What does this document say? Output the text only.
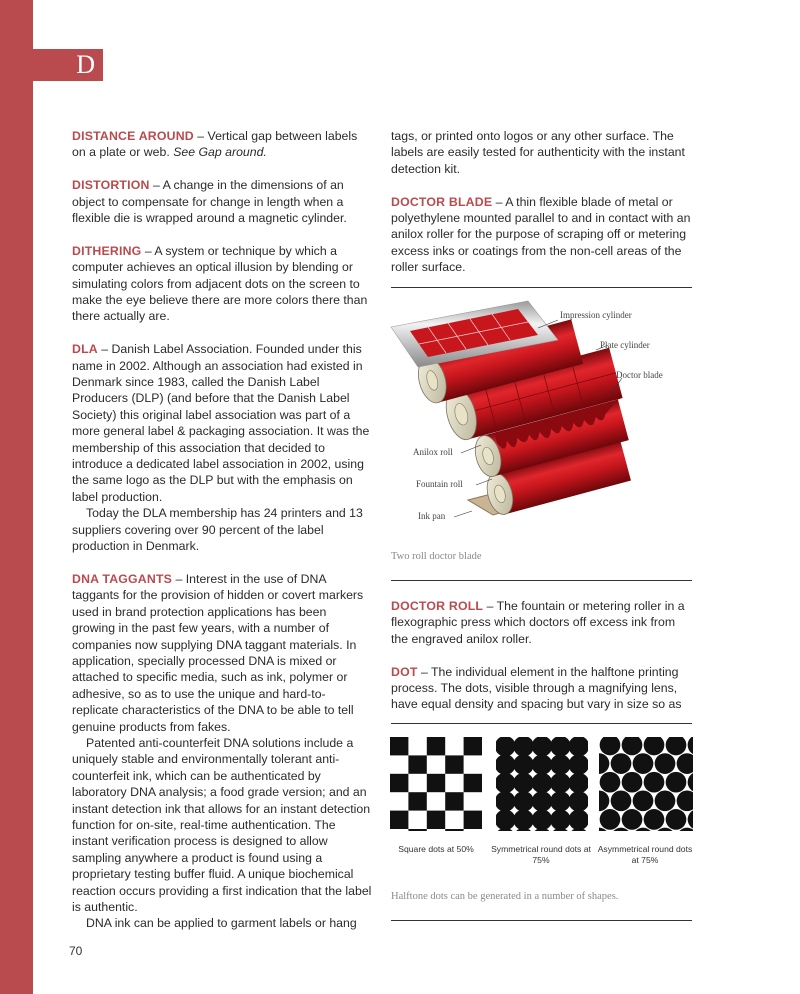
D

DISTANCE AROUND – Vertical gap between labels on a plate or web. See Gap around.

DISTORTION – A change in the dimensions of an object to compensate for change in length when a flexible die is wrapped around a magnetic cylinder.

DITHERING – A system or technique by which a computer achieves an optical illusion by blending or simulating colors from adjacent dots on the screen to make the eye believe there are more colors there than there actually are.

DLA – Danish Label Association. Founded under this name in 2002. Although an association had existed in Denmark since 1983, called the Danish Label Producers (DLP) (and before that the Danish Label Society) this original label association was part of a more general label & packaging association. It was the membership of this association that decided to introduce a dedicated label association in 2002, using the same logo as the DLP but with the emphasis on label production.

Today the DLA membership has 24 printers and 13 suppliers covering over 90 percent of the label production in Denmark.

DNA TAGGANTS – Interest in the use of DNA taggants for the provision of hidden or covert markers used in brand protection applications has been growing in the past few years, with a number of companies now supplying DNA taggant materials. In application, specially processed DNA is mixed or attached to specific media, such as ink, polymer or adhesive, so as to use the unique and hard-to-replicate characteristics of the DNA to be able to tell genuine products from fakes.

Patented anti-counterfeit DNA solutions include a uniquely stable and environmentally tolerant anti-counterfeit ink, which can be authenticated by laboratory DNA analysis; a food grade version; and an instant detection ink that allows for an instant detection function for on-site, real-time authentication. The instant verification process is designed to allow sampling anywhere a product is found using a proprietary testing buffer fluid. A unique biochemical reaction occurs providing a first indication that the label is authentic.

DNA ink can be applied to garment labels or hang

tags, or printed onto logos or any other surface. The labels are easily tested for authenticity with the instant detection kit.

DOCTOR BLADE – A thin flexible blade of metal or polyethylene mounted parallel to and in contact with an anilox roller for the purpose of scraping off or metering excess inks or coatings from the non-cell areas of the roller surface.

Impression cylinder
Plate cylinder
Doctor blade
Anilox roll
Fountain roll
Ink pan
Two roll doctor blade

DOCTOR ROLL – The fountain or metering roller in a flexographic press which doctors off excess ink from the engraved anilox roller.

DOT – The individual element in the halftone printing process. The dots, visible through a magnifying lens, have equal density and spacing but vary in size so as

Square dots at 50%	Symmetrical round dots at 75%
Asymmetrical round dots at 75%
Halftone dots can be generated in a number of shapes.
70
